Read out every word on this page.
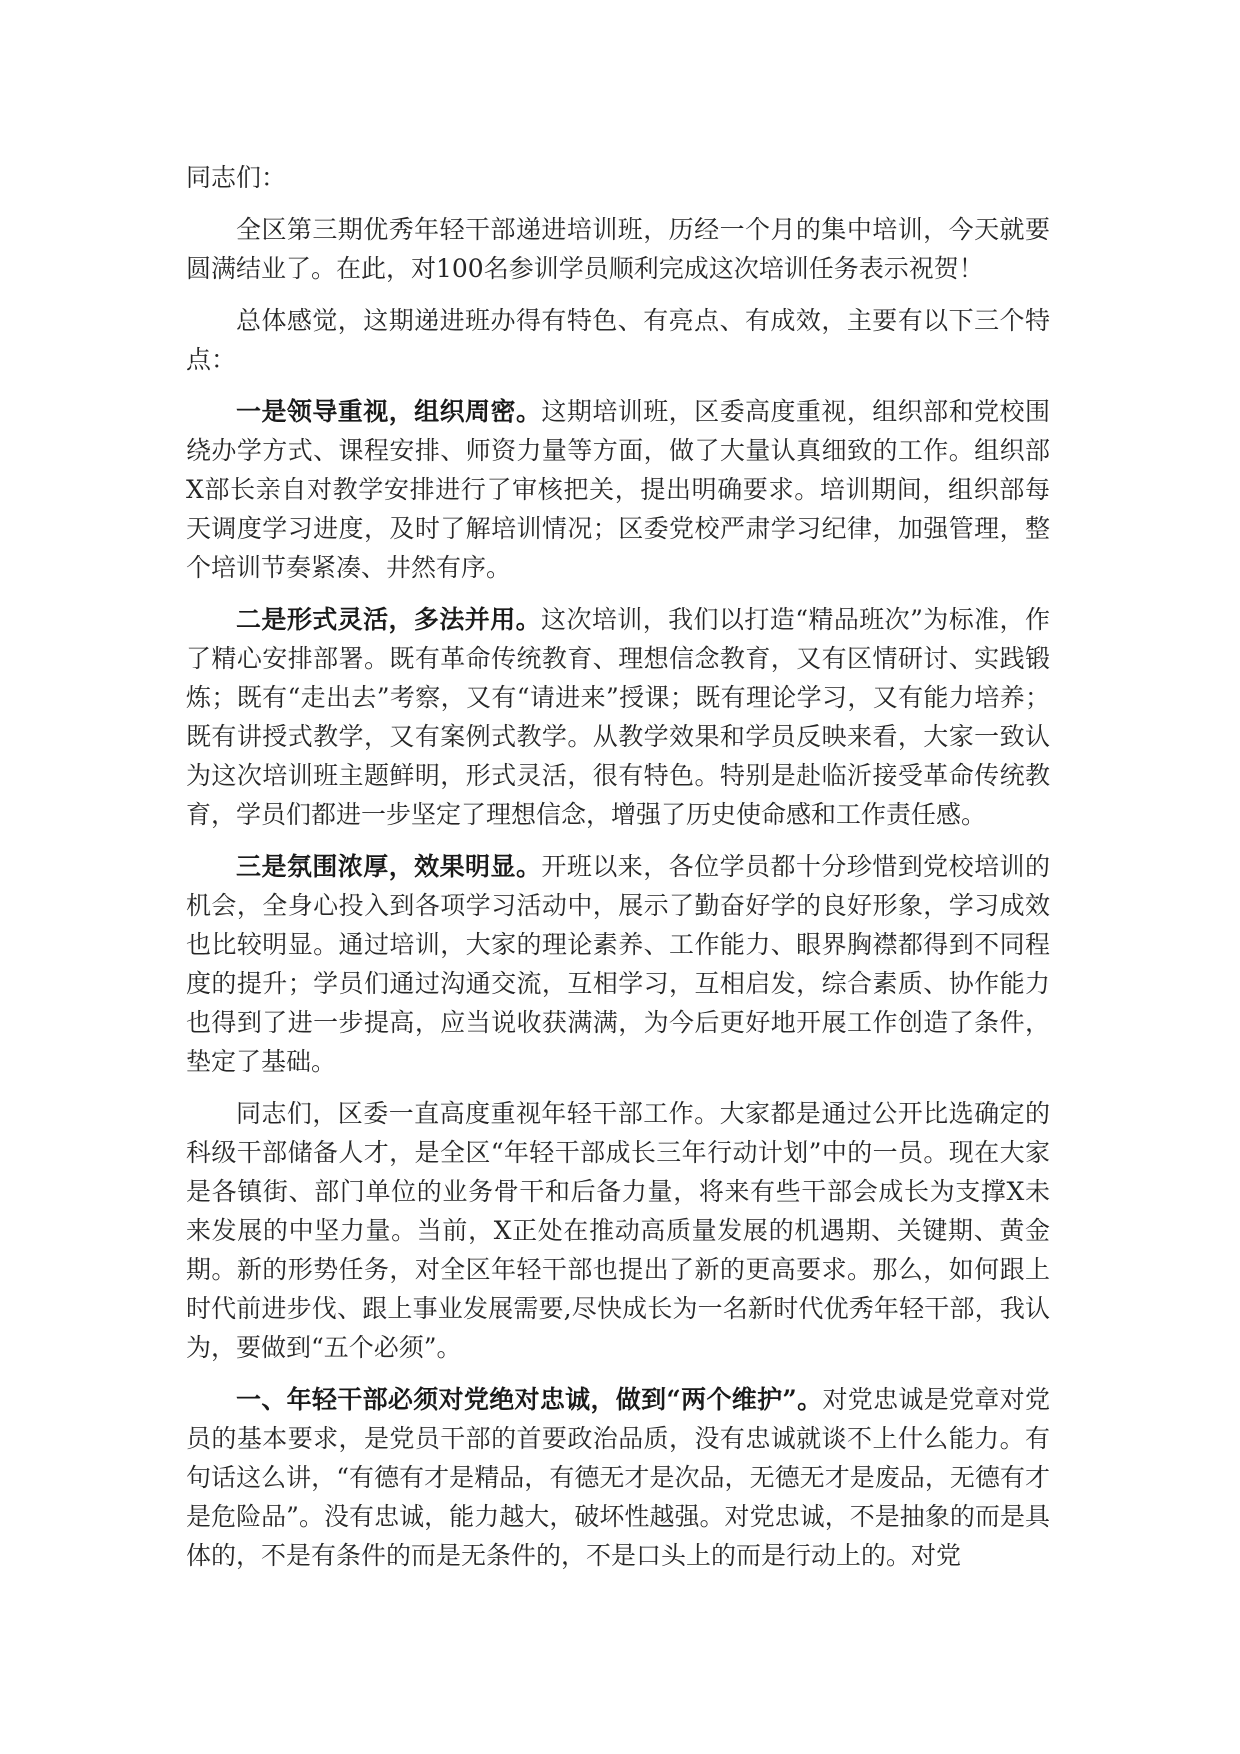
同志们：

全区第三期优秀年轻干部递进培训班，历经一个月的集中培训，今天就要圆满结业了。在此，对100名参训学员顺利完成这次培训任务表示祝贺！

总体感觉，这期递进班办得有特色、有亮点、有成效，主要有以下三个特点：

一是领导重视，组织周密。这期培训班，区委高度重视，组织部和党校围绕办学方式、课程安排、师资力量等方面，做了大量认真细致的工作。组织部X部长亲自对教学安排进行了审核把关，提出明确要求。培训期间，组织部每天调度学习进度，及时了解培训情况；区委党校严肃学习纪律，加强管理，整个培训节奏紧凑、井然有序。

二是形式灵活，多法并用。这次培训，我们以打造“精品班次”为标准，作了精心安排部署。既有革命传统教育、理想信念教育，又有区情研讨、实践锻炼；既有“走出去”考察，又有“请进来”授课；既有理论学习，又有能力培养；既有讲授式教学，又有案例式教学。从教学效果和学员反映来看，大家一致认为这次培训班主题鲜明，形式灵活，很有特色。特别是赴临沂接受革命传统教育，学员们都进一步坚定了理想信念，增强了历史使命感和工作责任感。

三是氛围浓厚，效果明显。开班以来，各位学员都十分珍惜到党校培训的机会，全身心投入到各项学习活动中，展示了勤奋好学的良好形象，学习成效也比较明显。通过培训，大家的理论素养、工作能力、眼界胸襟都得到不同程度的提升；学员们通过沟通交流，互相学习，互相启发，综合素质、协作能力也得到了进一步提高，应当说收获满满，为今后更好地开展工作创造了条件，垫定了基础。

同志们，区委一直高度重视年轻干部工作。大家都是通过公开比选确定的科级干部储备人才，是全区“年轻干部成长三年行动计划”中的一员。现在大家是各镇街、部门单位的业务骨干和后备力量，将来有些干部会成长为支撑X未来发展的中坚力量。当前，X正处在推动高质量发展的机遇期、关键期、黄金期。新的形势任务，对全区年轻干部也提出了新的更高要求。那么，如何跟上时代前进步伐、跟上事业发展需要,尽快成长为一名新时代优秀年轻干部，我认为，要做到“五个必须”。

一、年轻干部必须对党绝对忠诚，做到“两个维护”。对党忠诚是党章对党员的基本要求，是党员干部的首要政治品质，没有忠诚就谈不上什么能力。有句话这么讲，“有德有才是精品，有德无才是次品，无德无才是废品，无德有才是危险品”。没有忠诚，能力越大，破坏性越强。对党忠诚，不是抽象的而是具体的，不是有条件的而是无条件的，不是口头上的而是行动上的。对党
